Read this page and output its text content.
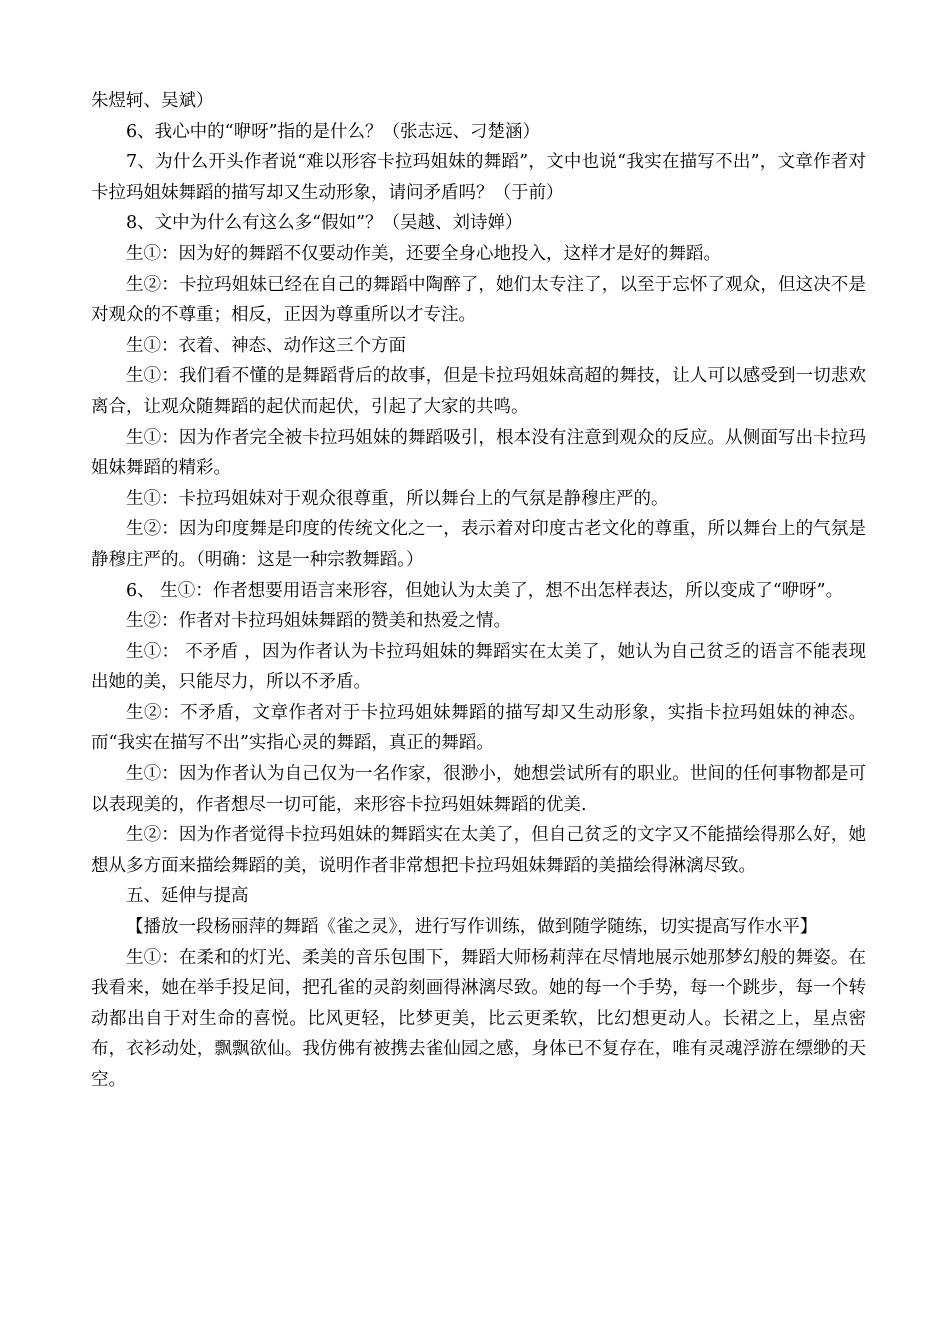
朱煜轲、吴斌）

6、我心中的“咿呀”指的是什么？（张志远、刁楚涵）

7、为什么开头作者说“难以形容卡拉玛姐妹的舞蹈”，文中也说“我实在描写不出”，文章作者对卡拉玛姐妹舞蹈的描写却又生动形象，请问矛盾吗？（于前）

8、文中为什么有这么多“假如”？（吴越、刘诗婵）

生①：因为好的舞蹈不仅要动作美，还要全身心地投入，这样才是好的舞蹈。

生②：卡拉玛姐妹已经在自己的舞蹈中陶醉了，她们太专注了，以至于忘怀了观众，但这决不是对观众的不尊重；相反，正因为尊重所以才专注。

生①：衣着、神态、动作这三个方面

生①：我们看不懂的是舞蹈背后的故事，但是卡拉玛姐妹高超的舞技，让人可以感受到一切悲欢离合，让观众随舞蹈的起伏而起伏，引起了大家的共鸣。

生①：因为作者完全被卡拉玛姐妹的舞蹈吸引，根本没有注意到观众的反应。从侧面写出卡拉玛姐妹舞蹈的精彩。

生①：卡拉玛姐妹对于观众很尊重，所以舞台上的气氛是静穆庄严的。

生②：因为印度舞是印度的传统文化之一，表示着对印度古老文化的尊重，所以舞台上的气氛是静穆庄严的。（明确：这是一种宗教舞蹈。）

6、 生①：作者想要用语言来形容，但她认为太美了，想不出怎样表达，所以变成了“咿呀”。

生②：作者对卡拉玛姐妹舞蹈的赞美和热爱之情。

生①： 不矛盾 ，因为作者认为卡拉玛姐妹的舞蹈实在太美了，她认为自己贫乏的语言不能表现出她的美，只能尽力，所以不矛盾。

生②：不矛盾，文章作者对于卡拉玛姐妹舞蹈的描写却又生动形象，实指卡拉玛姐妹的神态。而“我实在描写不出”实指心灵的舞蹈，真正的舞蹈。

生①：因为作者认为自己仅为一名作家，很渺小，她想尝试所有的职业。世间的任何事物都是可以表现美的，作者想尽一切可能，来形容卡拉玛姐妹舞蹈的优美.

生②：因为作者觉得卡拉玛姐妹的舞蹈实在太美了，但自己贫乏的文字又不能描绘得那么好，她想从多方面来描绘舞蹈的美，说明作者非常想把卡拉玛姐妹舞蹈的美描绘得淋漓尽致。

五、延伸与提高

【播放一段杨丽萍的舞蹈《雀之灵》，进行写作训练，做到随学随练，切实提高写作水平】

生①：在柔和的灯光、柔美的音乐包围下，舞蹈大师杨莉萍在尽情地展示她那梦幻般的舞姿。在我看来，她在举手投足间，把孔雀的灵韵刻画得淋漓尽致。她的每一个手势，每一个跳步，每一个转动都出自于对生命的喜悦。比风更轻，比梦更美，比云更柔软，比幻想更动人。长裙之上，星点密布，衣衫动处，飘飘欲仙。我仿佛有被携去雀仙园之感，身体已不复存在，唯有灵魂浮游在缥缈的天空。
